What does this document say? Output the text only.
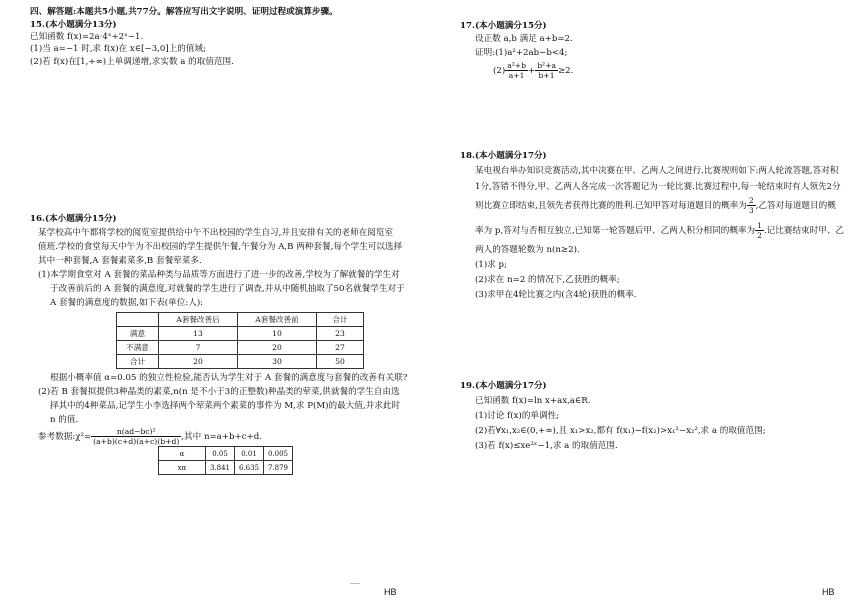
四、解答题:本题共5小题,共77分。解答应写出文字说明、证明过程或演算步骤。
15.(本小题满分13分)
已知函数 f(x)=2a·4ˣ+2ˣ−1.
(1)当 a=−1 时,求 f(x)在 x∈[−3,0]上的值域;
(2)若 f(x)在[1,+∞)上单调递增,求实数 a 的取值范围.
16.(本小题满分15分)
某学校高中午都将学校的阅览室提供给中午不出校园的学生自习,并且安排有关的老师在阅览室
值班.学校的食堂每天中午为不出校园的学生提供午餐,午餐分为 A,B 两种套餐,每个学生可以选择
其中一种套餐,A 套餐素菜多,B 套餐荤菜多.
(1)本学期食堂对 A 套餐的菜品种类与品质等方面进行了进一步的改善,学校为了解就餐的学生对
于改善前后的 A 套餐的满意度,对就餐的学生进行了调查,并从中随机抽取了50名就餐学生对于
A 套餐的满意度的数据,如下表(单位:人):
	A套餐改善后	A套餐改善前	合计
满意	13	10	23
不满意	7	20	27
合计	20	30	50
根据小概率值 α=0.05 的独立性检验,能否认为学生对于 A 套餐的满意度与套餐的改善有关联?
(2)若 B 套餐拟提供3种晶类的素菜,n(n 是不小于3的正整数)种晶类的荤菜,供就餐的学生自由选
择其中的4种菜品,记学生小李选择两个荤菜两个素菜的事件为 M,求 P(M)的最大值,并求此时
n 的值.
参考数据:χ²= $\frac{\text{n(ad−bc)²}}{(a+b)(c+d)(a+c)(b+d)}$ ,其中 n=a+b+c+d.
α	0.05	0.01	0.005
xα	3.841	6.635	7.879
HB
17.(本小题满分15分)
设正数 a,b 满足 a+b=2.
证明:(1)a²+2ab−b<4;
$(2) \frac{\text{a²+b}}{a+1} + \frac{\text{b²+a}}{b+1} \ge 2$.
18.(本小题满分17分)
某电视台举办知识竞赛活动,其中决赛在甲、乙两人之间进行.比赛规则如下:两人轮流答题,答对积
1分,答错不得分,甲、乙两人各完成一次答题记为一轮比赛.比赛过程中,每一轮结束时有人领先2分
则比赛立即结束,且领先者获得比赛的胜利.已知甲答对每道题目的概率为 $\frac{2}{3}$ ,乙答对每道题目的概
率为 p,答对与否相互独立,已知第一轮答题后甲、乙两人积分相同的概率为 $\frac{1}{2}$ .记比赛结束时甲、乙
两人的答题轮数为 n(n≥2).
(1)求 p;
(2)求在 n=2 的情况下,乙获胜的概率;
(3)求甲在4轮比赛之内(含4轮)获胜的概率.
19.(本小题满分17分)
已知函数 f(x)=ln x+ax,a∈R.
(1)讨论 f(x)的单调性;
(2)若∀x₁,x₂∈(0,+∞),且 x₁>x₂,都有 f(x₁)−f(x₂)>x₁²−x₂²,求 a 的取值范围;
(3)若 f(x)≤xe²ˣ−1,求 a 的取值范围.
HB
